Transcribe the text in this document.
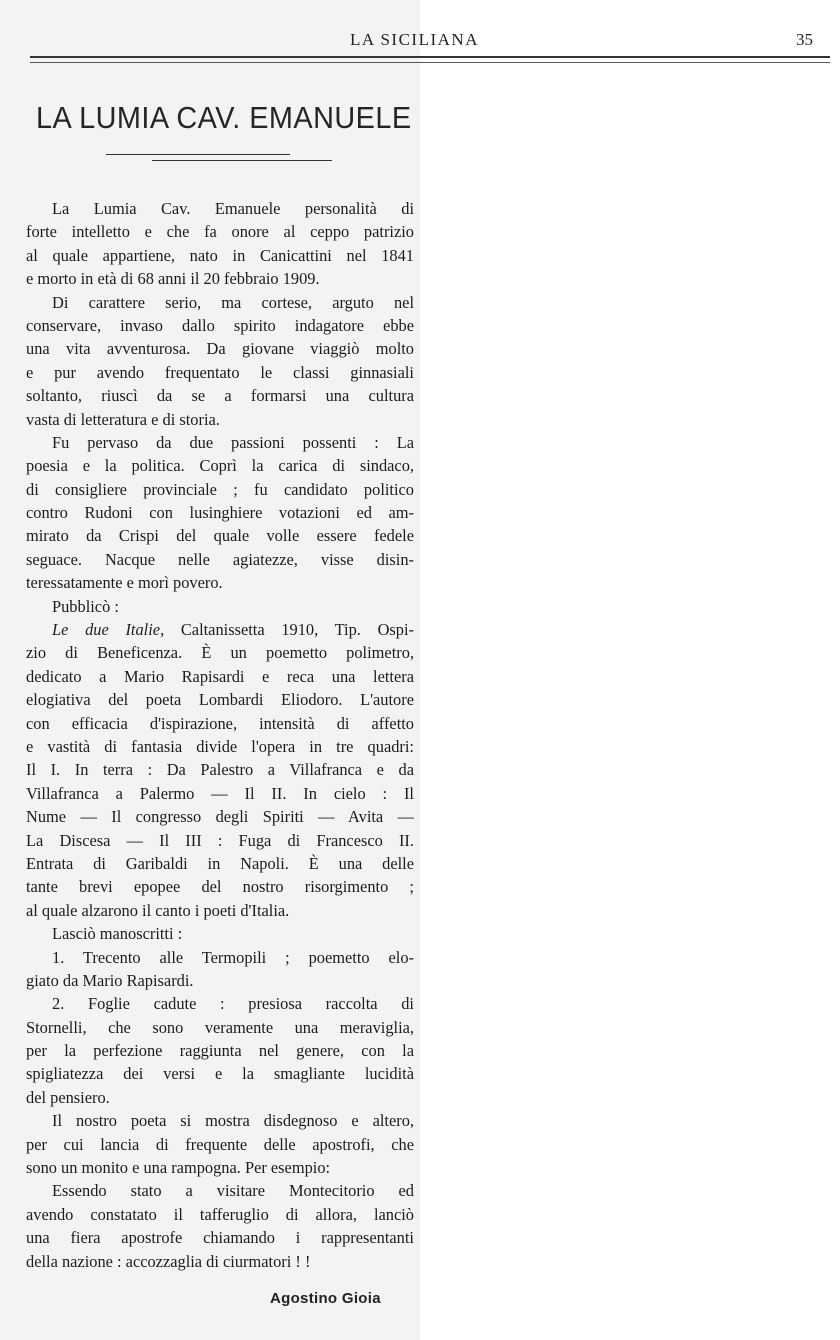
LA SICILIANA	35
LA LUMIA CAV. EMANUELE
La Lumia Cav. Emanuele personalità di
forte intelletto e che fa onore al ceppo patrizio
al quale appartiene, nato in Canicattini nel 1841
e morto in età di 68 anni il 20 febbraio 1909.
Di carattere serio, ma cortese, arguto nel
conservare, invaso dallo spirito indagatore ebbe
una vita avventurosa. Da giovane viaggiò molto
e pur avendo frequentato le classi ginnasiali
soltanto, riuscì da se a formarsi una cultura
vasta di letteratura e di storia.
Fu pervaso da due passioni possenti : La
poesia e la politica. Coprì la carica di sindaco,
di consigliere provinciale ; fu candidato politico
contro Rudoni con lusinghiere votazioni ed am-
mirato da Crispi del quale volle essere fedele
seguace. Nacque nelle agiatezze, visse disin-
teressatamente e morì povero.
Pubblicò :
Le due Italie, Caltanissetta 1910, Tip. Ospi-
zio di Beneficenza. È un poemetto polimetro,
dedicato a Mario Rapisardi e reca una lettera
elogiativa del poeta Lombardi Eliodoro. L'autore
con efficacia d'ispirazione, intensità di affetto
e vastità di fantasia divide l'opera in tre quadri:
Il I. In terra : Da Palestro a Villafranca e da
Villafranca a Palermo — Il II. In cielo : Il
Nume — Il congresso degli Spiriti — Avita —
La Discesa — Il III : Fuga di Francesco II.
Entrata di Garibaldi in Napoli. È una delle
tante brevi epopee del nostro risorgimento ;
al quale alzarono il canto i poeti d'Italia.
Lasciò manoscritti :
1. Trecento alle Termopili ; poemetto elo-
giato da Mario Rapisardi.
2. Foglie cadute : presiosa raccolta di
Stornelli, che sono veramente una meraviglia,
per la perfezione raggiunta nel genere, con la
spigliatezza dei versi e la smagliante lucidità
del pensiero.
Il nostro poeta si mostra disdegnoso e altero,
per cui lancia di frequente delle apostrofi, che
sono un monito e una rampogna. Per esempio:
Essendo stato a visitare Montecitorio ed
avendo constatato il tafferuglio di allora, lanciò
una fiera apostrofe chiamando i rappresentanti
della nazione : accozzaglia di ciurmatori ! !
Agostino Gioia
